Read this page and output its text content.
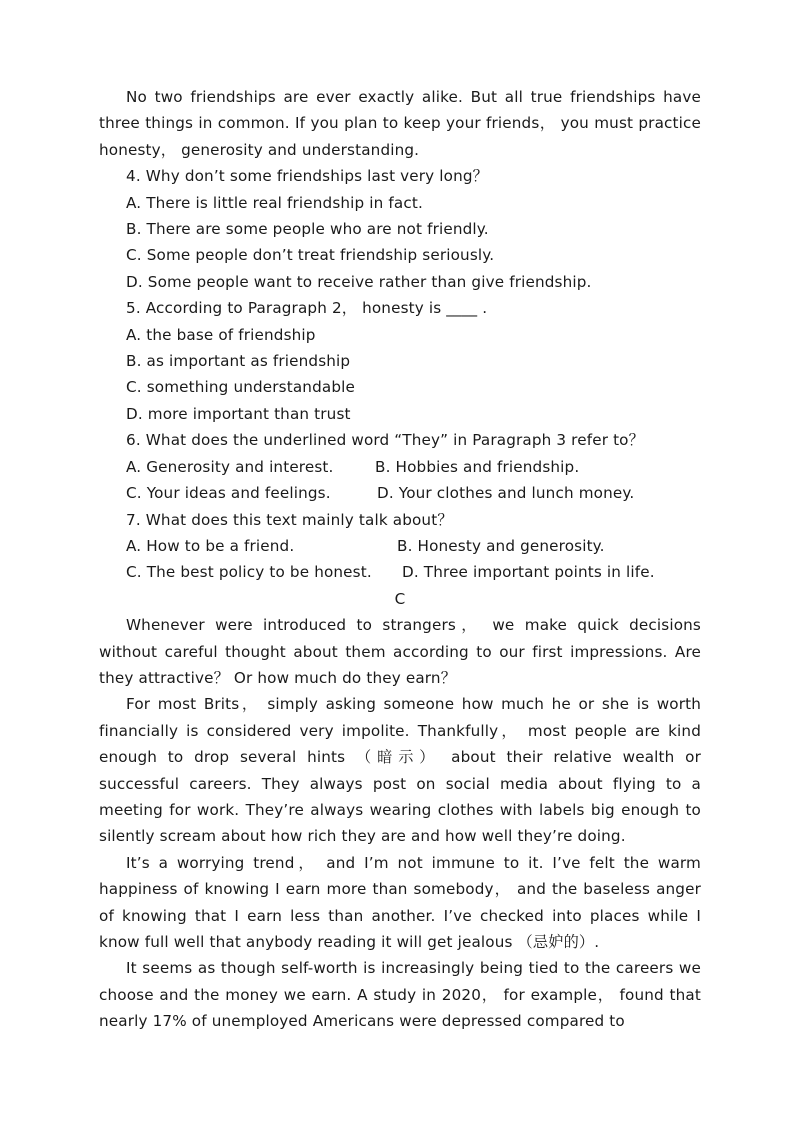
No two friendships are ever exactly alike. But all true friendships have three things in common. If you plan to keep your friends， you must practice honesty， generosity and understanding.

4. Why don’t some friendships last very long？

A. There is little real friendship in fact.

B. There are some people who are not friendly.

C. Some people don’t treat friendship seriously.

D. Some people want to receive rather than give friendship.

5. According to Paragraph 2， honesty is ____ .

A. the base of friendship

B. as important as friendship

C. something understandable

D. more important than trust

6. What does the underlined word “They” in Paragraph 3 refer to？

A. Generosity and interest.	B. Hobbies and friendship.
C. Your ideas and feelings.	D. Your clothes and lunch money.

7. What does this text mainly talk about？

A. How to be a friend.	B. Honesty and generosity.
C. The best policy to be honest.	D. Three important points in life.

C

Whenever were introduced to strangers， we make quick decisions without careful thought about them according to our first impressions. Are they attractive？ Or how much do they earn？

For most Brits， simply asking someone how much he or she is worth financially is considered very impolite. Thankfully， most people are kind enough to drop several hints （暗示） about their relative wealth or successful careers. They always post on social media about flying to a meeting for work. They’re always wearing clothes with labels big enough to silently scream about how rich they are and how well they’re doing.

It’s a worrying trend， and I’m not immune to it. I’ve felt the warm happiness of knowing I earn more than somebody， and the baseless anger of knowing that I earn less than another. I’ve checked into places while I know full well that anybody reading it will get jealous （忌妒的）.

It seems as though self-worth is increasingly being tied to the careers we choose and the money we earn. A study in 2020， for example， found that nearly 17% of unemployed Americans were depressed compared to
